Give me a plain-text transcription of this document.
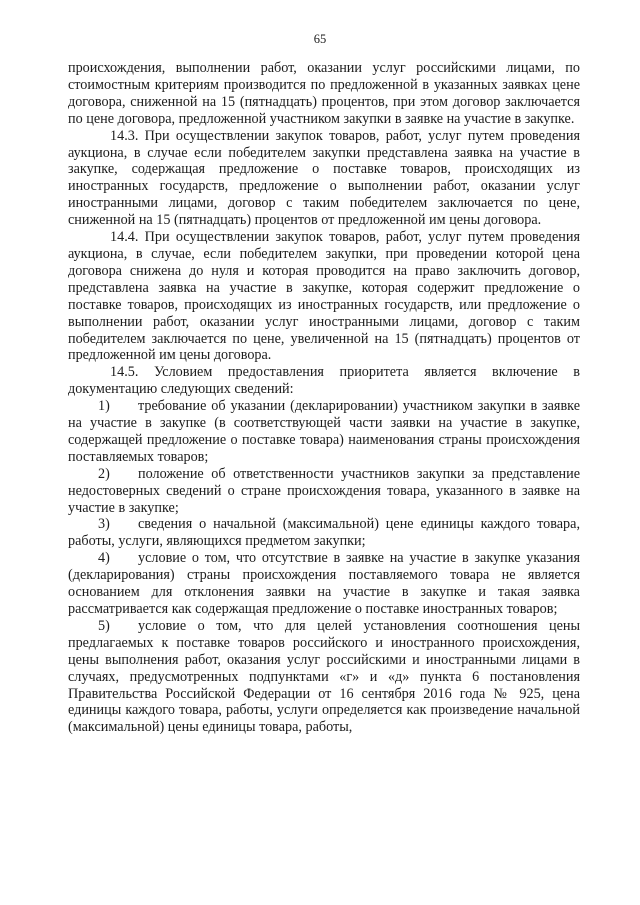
65

происхождения, выполнении работ, оказании услуг российскими лицами, по стоимостным критериям производится по предложенной в указанных заявках цене договора, сниженной на 15 (пятнадцать) процентов, при этом договор заключается по цене договора, предложенной участником закупки в заявке на участие в закупке.

14.3. При осуществлении закупок товаров, работ, услуг путем проведения аукциона, в случае если победителем закупки представлена заявка на участие в закупке, содержащая предложение о поставке товаров, происходящих из иностранных государств, предложение о выполнении работ, оказании услуг иностранными лицами, договор с таким победителем заключается по цене, сниженной на 15 (пятнадцать) процентов от предложенной им цены договора.

14.4. При осуществлении закупок товаров, работ, услуг путем проведения аукциона, в случае, если победителем закупки, при проведении которой цена договора снижена до нуля и которая проводится на право заключить договор, представлена заявка на участие в закупке, которая содержит предложение о поставке товаров, происходящих из иностранных государств, или предложение о выполнении работ, оказании услуг иностранными лицами, договор с таким победителем заключается по цене, увеличенной на 15 (пятнадцать) процентов от предложенной им цены договора.

14.5. Условием предоставления приоритета является включение в документацию следующих сведений:

1) требование об указании (декларировании) участником закупки в заявке на участие в закупке (в соответствующей части заявки на участие в закупке, содержащей предложение о поставке товара) наименования страны происхождения поставляемых товаров;

2) положение об ответственности участников закупки за представление недостоверных сведений о стране происхождения товара, указанного в заявке на участие в закупке;

3) сведения о начальной (максимальной) цене единицы каждого товара, работы, услуги, являющихся предметом закупки;

4) условие о том, что отсутствие в заявке на участие в закупке указания (декларирования) страны происхождения поставляемого товара не является основанием для отклонения заявки на участие в закупке и такая заявка рассматривается как содержащая предложение о поставке иностранных товаров;

5) условие о том, что для целей установления соотношения цены предлагаемых к поставке товаров российского и иностранного происхождения, цены выполнения работ, оказания услуг российскими и иностранными лицами в случаях, предусмотренных подпунктами «г» и «д» пункта 6 постановления Правительства Российской Федерации от 16 сентября 2016 года № 925, цена единицы каждого товара, работы, услуги определяется как произведение начальной (максимальной) цены единицы товара, работы,
